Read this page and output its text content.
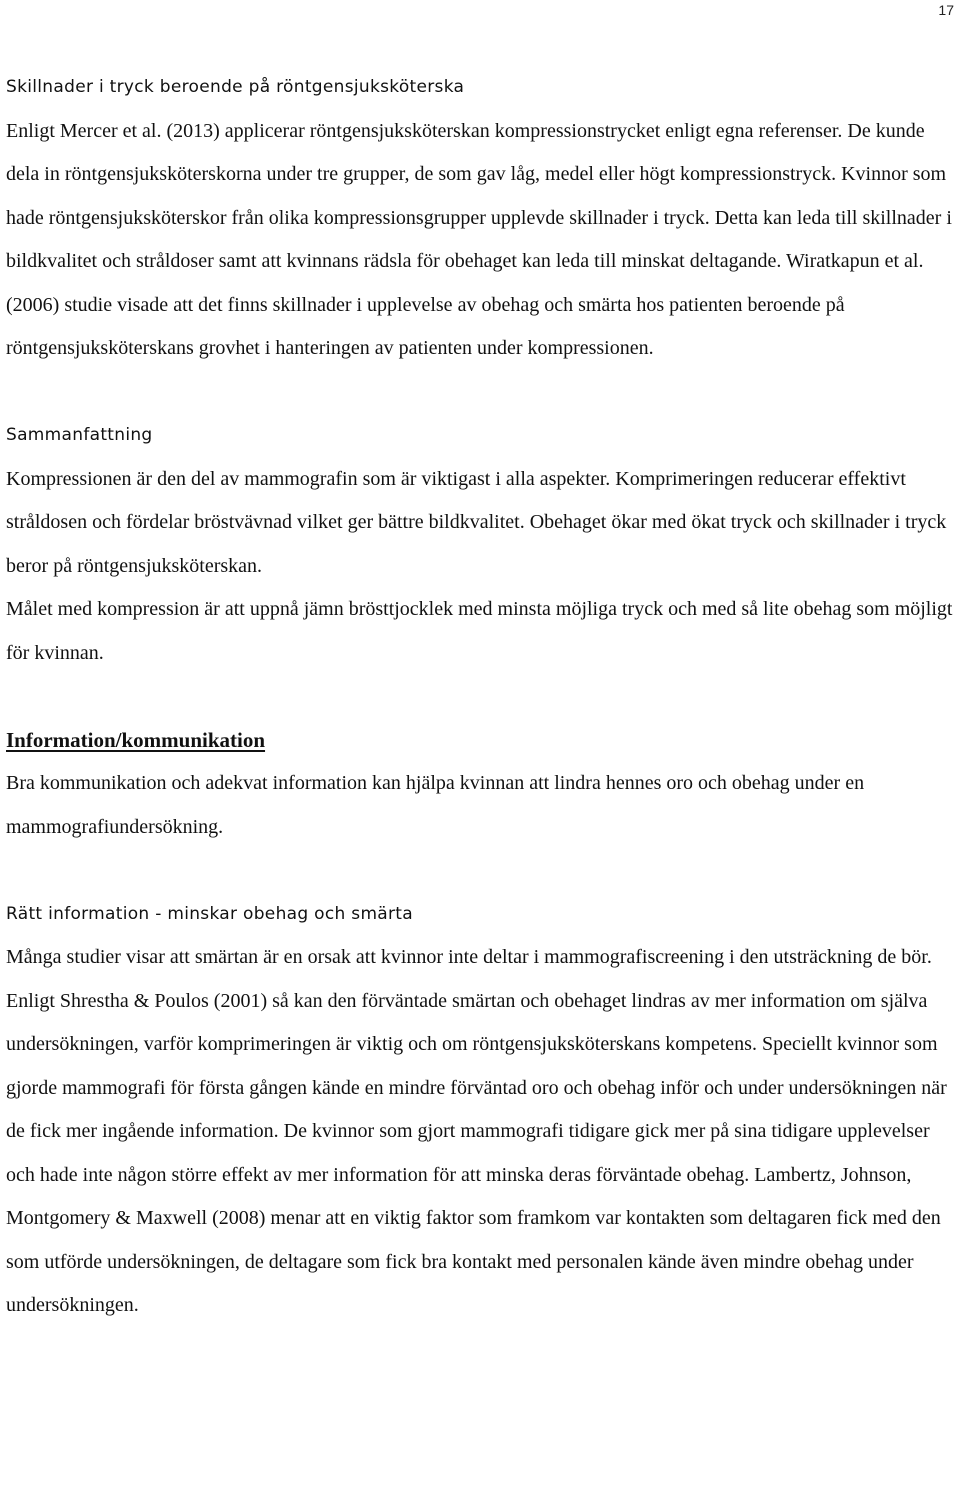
17
Skillnader i tryck beroende på röntgensjuksköterska

Enligt Mercer et al. (2013) applicerar röntgensjuksköterskan kompressionstrycket enligt egna referenser. De kunde dela in röntgensjuksköterskorna under tre grupper, de som gav låg, medel eller högt kompressionstryck. Kvinnor som hade röntgensjuksköterskor från olika kompressionsgrupper upplevde skillnader i tryck. Detta kan leda till skillnader i bildkvalitet och stråldoser samt att kvinnans rädsla för obehaget kan leda till minskat deltagande. Wiratkapun et al. (2006) studie visade att det finns skillnader i upplevelse av obehag och smärta hos patienten beroende på röntgensjuksköterskans grovhet i hanteringen av patienten under kompressionen.

Sammanfattning

Kompressionen är den del av mammografin som är viktigast i alla aspekter. Komprimeringen reducerar effektivt stråldosen och fördelar bröstvävnad vilket ger bättre bildkvalitet. Obehaget ökar med ökat tryck och skillnader i tryck beror på röntgensjuksköterskan.

Målet med kompression är att uppnå jämn brösttjocklek med minsta möjliga tryck och med så lite obehag som möjligt för kvinnan.

Information/kommunikation

Bra kommunikation och adekvat information kan hjälpa kvinnan att lindra hennes oro och obehag under en mammografiundersökning.

Rätt information - minskar obehag och smärta

Många studier visar att smärtan är en orsak att kvinnor inte deltar i mammografiscreening i den utsträckning de bör. Enligt Shrestha & Poulos (2001) så kan den förväntade smärtan och obehaget lindras av mer information om själva undersökningen, varför komprimeringen är viktig och om röntgensjuksköterskans kompetens. Speciellt kvinnor som gjorde mammografi för första gången kände en mindre förväntad oro och obehag inför och under undersökningen när de fick mer ingående information. De kvinnor som gjort mammografi tidigare gick mer på sina tidigare upplevelser och hade inte någon större effekt av mer information för att minska deras förväntade obehag. Lambertz, Johnson, Montgomery & Maxwell (2008) menar att en viktig faktor som framkom var kontakten som deltagaren fick med den som utförde undersökningen, de deltagare som fick bra kontakt med personalen kände även mindre obehag under undersökningen.
